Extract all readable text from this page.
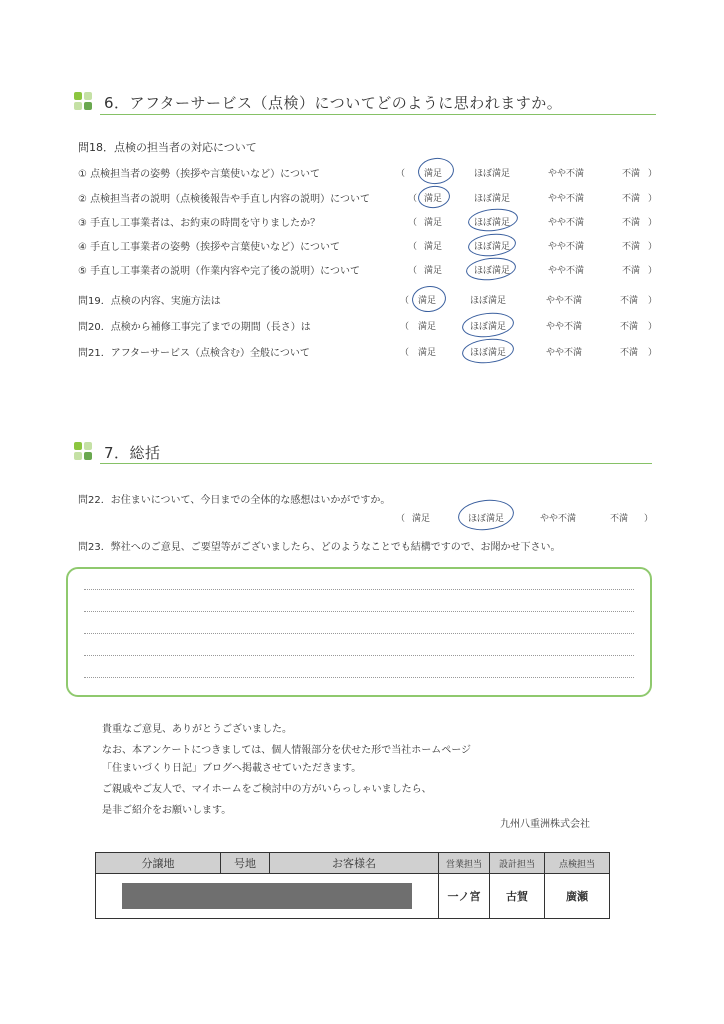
6．アフターサービス（点検）についてどのように思われますか。
問18．点検の担当者の対応について
① 点検担当者の姿勢（挨拶や言葉使いなど）について	（ 満足	ほぼ満足	やや不満	不満 ）
② 点検担当者の説明（点検後報告や手直し内容の説明）について	（ 満足	ほぼ満足	やや不満	不満 ）
③ 手直し工事業者は、お約束の時間を守りましたか？	（ 満足	ほぼ満足	やや不満	不満 ）
④ 手直し工事業者の姿勢（挨拶や言葉使いなど）について	（ 満足	ほぼ満足	やや不満	不満 ）
⑤ 手直し工事業者の説明（作業内容や完了後の説明）について	（ 満足	ほぼ満足	やや不満	不満 ）
問19．点検の内容、実施方法は	（ 満足	ほぼ満足	やや不満	不満 ）
問20．点検から補修工事完了までの期間（長さ）は	（ 満足	ほぼ満足	やや不満	不満 ）
問21．アフターサービス（点検含む）全般について	（ 満足	ほぼ満足	やや不満	不満 ）
7．総括
問22．お住まいについて、今日までの全体的な感想はいかがですか。
（ 満足	ほぼ満足	やや不満	不満 ）
問23．弊社へのご意見、ご要望等がございましたら、どのようなことでも結構ですので、お聞かせ下さい。
貴重なご意見、ありがとうございました。
なお、本アンケートにつきましては、個人情報部分を伏せた形で当社ホームページ
「住まいづくり日記」ブログへ掲載させていただきます。
ご親戚やご友人で、マイホームをご検討中の方がいらっしゃいましたら、
是非ご紹介をお願いします。
九州八重洲株式会社
分譲地	号地	お客様名	営業担当	設計担当	点検担当
			一ノ宮	古賀	廣瀬
